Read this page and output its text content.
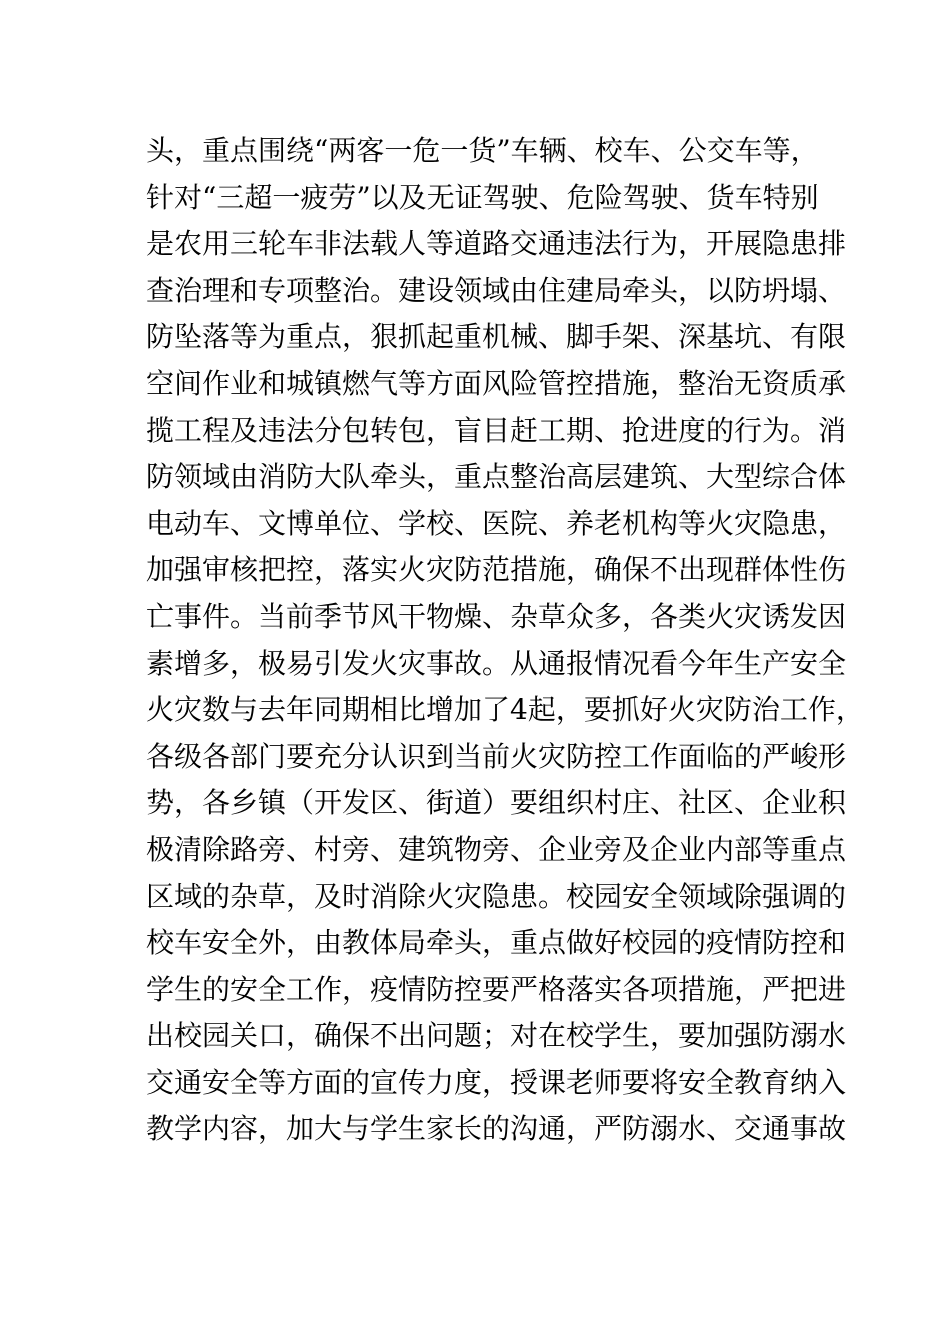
头，重点围绕“两客一危一货”车辆、校车、公交车等，
针对“三超一疲劳”以及无证驾驶、危险驾驶、货车特别
是农用三轮车非法载人等道路交通违法行为，开展隐患排
查治理和专项整治。建设领域由住建局牵头，以防坍塌、
防坠落等为重点，狠抓起重机械、脚手架、深基坑、有限
空间作业和城镇燃气等方面风险管控措施，整治无资质承
揽工程及违法分包转包，盲目赶工期、抢进度的行为。消
防领域由消防大队牵头，重点整治高层建筑、大型综合体
电动车、文博单位、学校、医院、养老机构等火灾隐患，
加强审核把控，落实火灾防范措施，确保不出现群体性伤
亡事件。当前季节风干物燥、杂草众多，各类火灾诱发因
素增多，极易引发火灾事故。从通报情况看今年生产安全
火灾数与去年同期相比增加了4起，要抓好火灾防治工作，
各级各部门要充分认识到当前火灾防控工作面临的严峻形
势，各乡镇（开发区、街道）要组织村庄、社区、企业积
极清除路旁、村旁、建筑物旁、企业旁及企业内部等重点
区域的杂草，及时消除火灾隐患。校园安全领域除强调的
校车安全外，由教体局牵头，重点做好校园的疫情防控和
学生的安全工作，疫情防控要严格落实各项措施，严把进
出校园关口，确保不出问题；对在校学生，要加强防溺水
交通安全等方面的宣传力度，授课老师要将安全教育纳入
教学内容，加大与学生家长的沟通，严防溺水、交通事故
